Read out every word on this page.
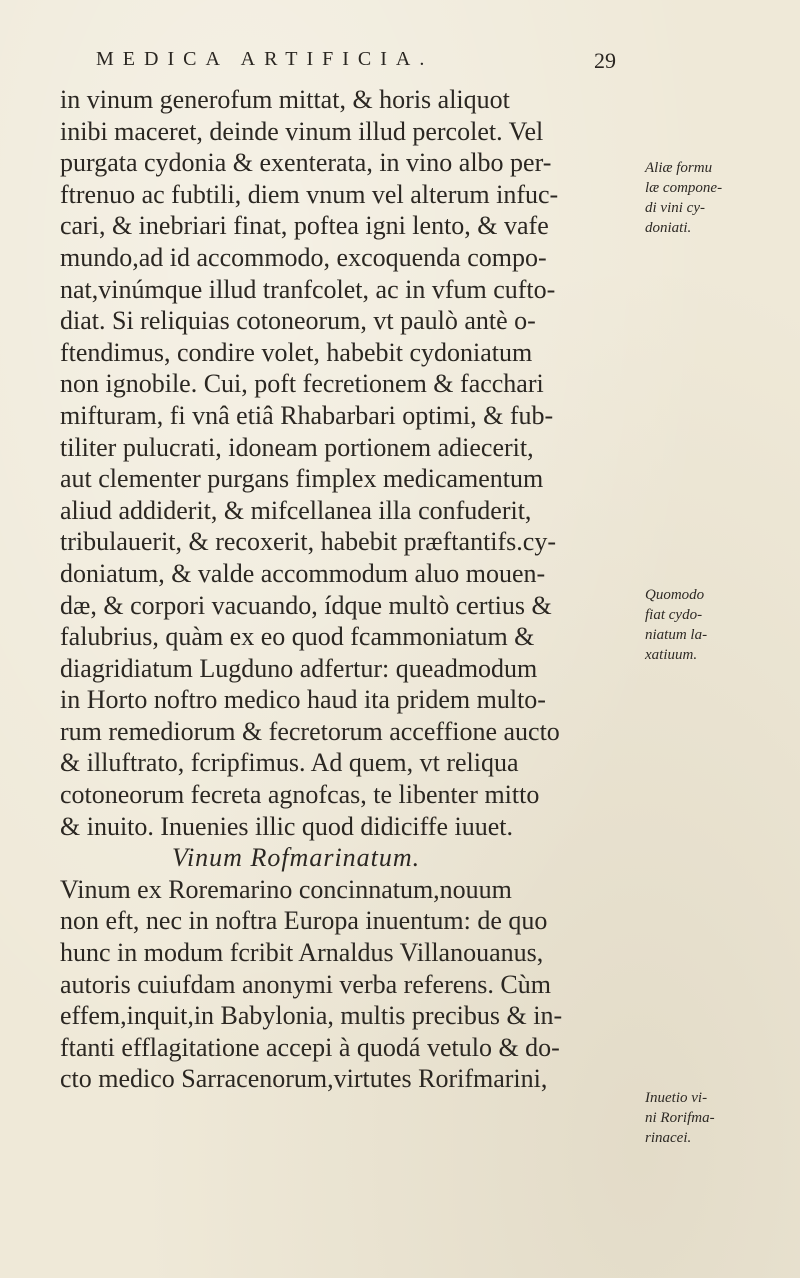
MEDICA ARTIFICIA.	29
in vinum generofum mittat, & horis aliquot
inibi maceret, deinde vinum illud percolet. Vel
purgata cydonia & exenterata, in vino albo per-
ftrenuo ac fubtili, diem vnum vel alterum infuc-
cari, & inebriari finat, poftea igni lento, & vafe
mundo,ad id accommodo, excoquenda compo-
nat,vinúmque illud tranfcolet, ac in vfum cufto-
diat. Si reliquias cotoneorum, vt paulò antè o-
ftendimus, condire volet, habebit cydoniatum
non ignobile. Cui, poft fecretionem & facchari
mifturam, fi vnâ etiâ Rhabarbari optimi, & fub-
tiliter pulucrati, idoneam portionem adiecerit,
aut clementer purgans fimplex medicamentum
aliud addiderit, & mifcellanea illa confuderit,
tribulauerit, & recoxerit, habebit præftantifs.cy-
doniatum, & valde accommodum aluo mouen-
dæ, & corpori vacuando, ídque multò certius &
falubrius, quàm ex eo quod fcammoniatum &
diagridiatum Lugduno adfertur: queadmodum
in Horto noftro medico haud ita pridem multo-
rum remediorum & fecretorum acceffione aucto
& illuftrato, fcripfimus. Ad quem, vt reliqua
cotoneorum fecreta agnofcas, te libenter mitto
& inuito. Inuenies illic quod didiciffe iuuet.
Vinum Rofmarinatum.
Vinum ex Roremarino concinnatum,nouum
non eft, nec in noftra Europa inuentum: de quo
hunc in modum fcribit Arnaldus Villanouanus,
autoris cuiufdam anonymi verba referens. Cùm
effem,inquit,in Babylonia, multis precibus & in-
ftanti efflagitatione accepi à quodá vetulo & do-
cto medico Sarracenorum,virtutes Rorifmarini,
Aliæ formu
læ compone-
di vini cy-
doniati.
Quomodo
fiat cydo-
niatum la-
xatiuum.
Inuetio vi-
ni Rorifma-
rinacei.
